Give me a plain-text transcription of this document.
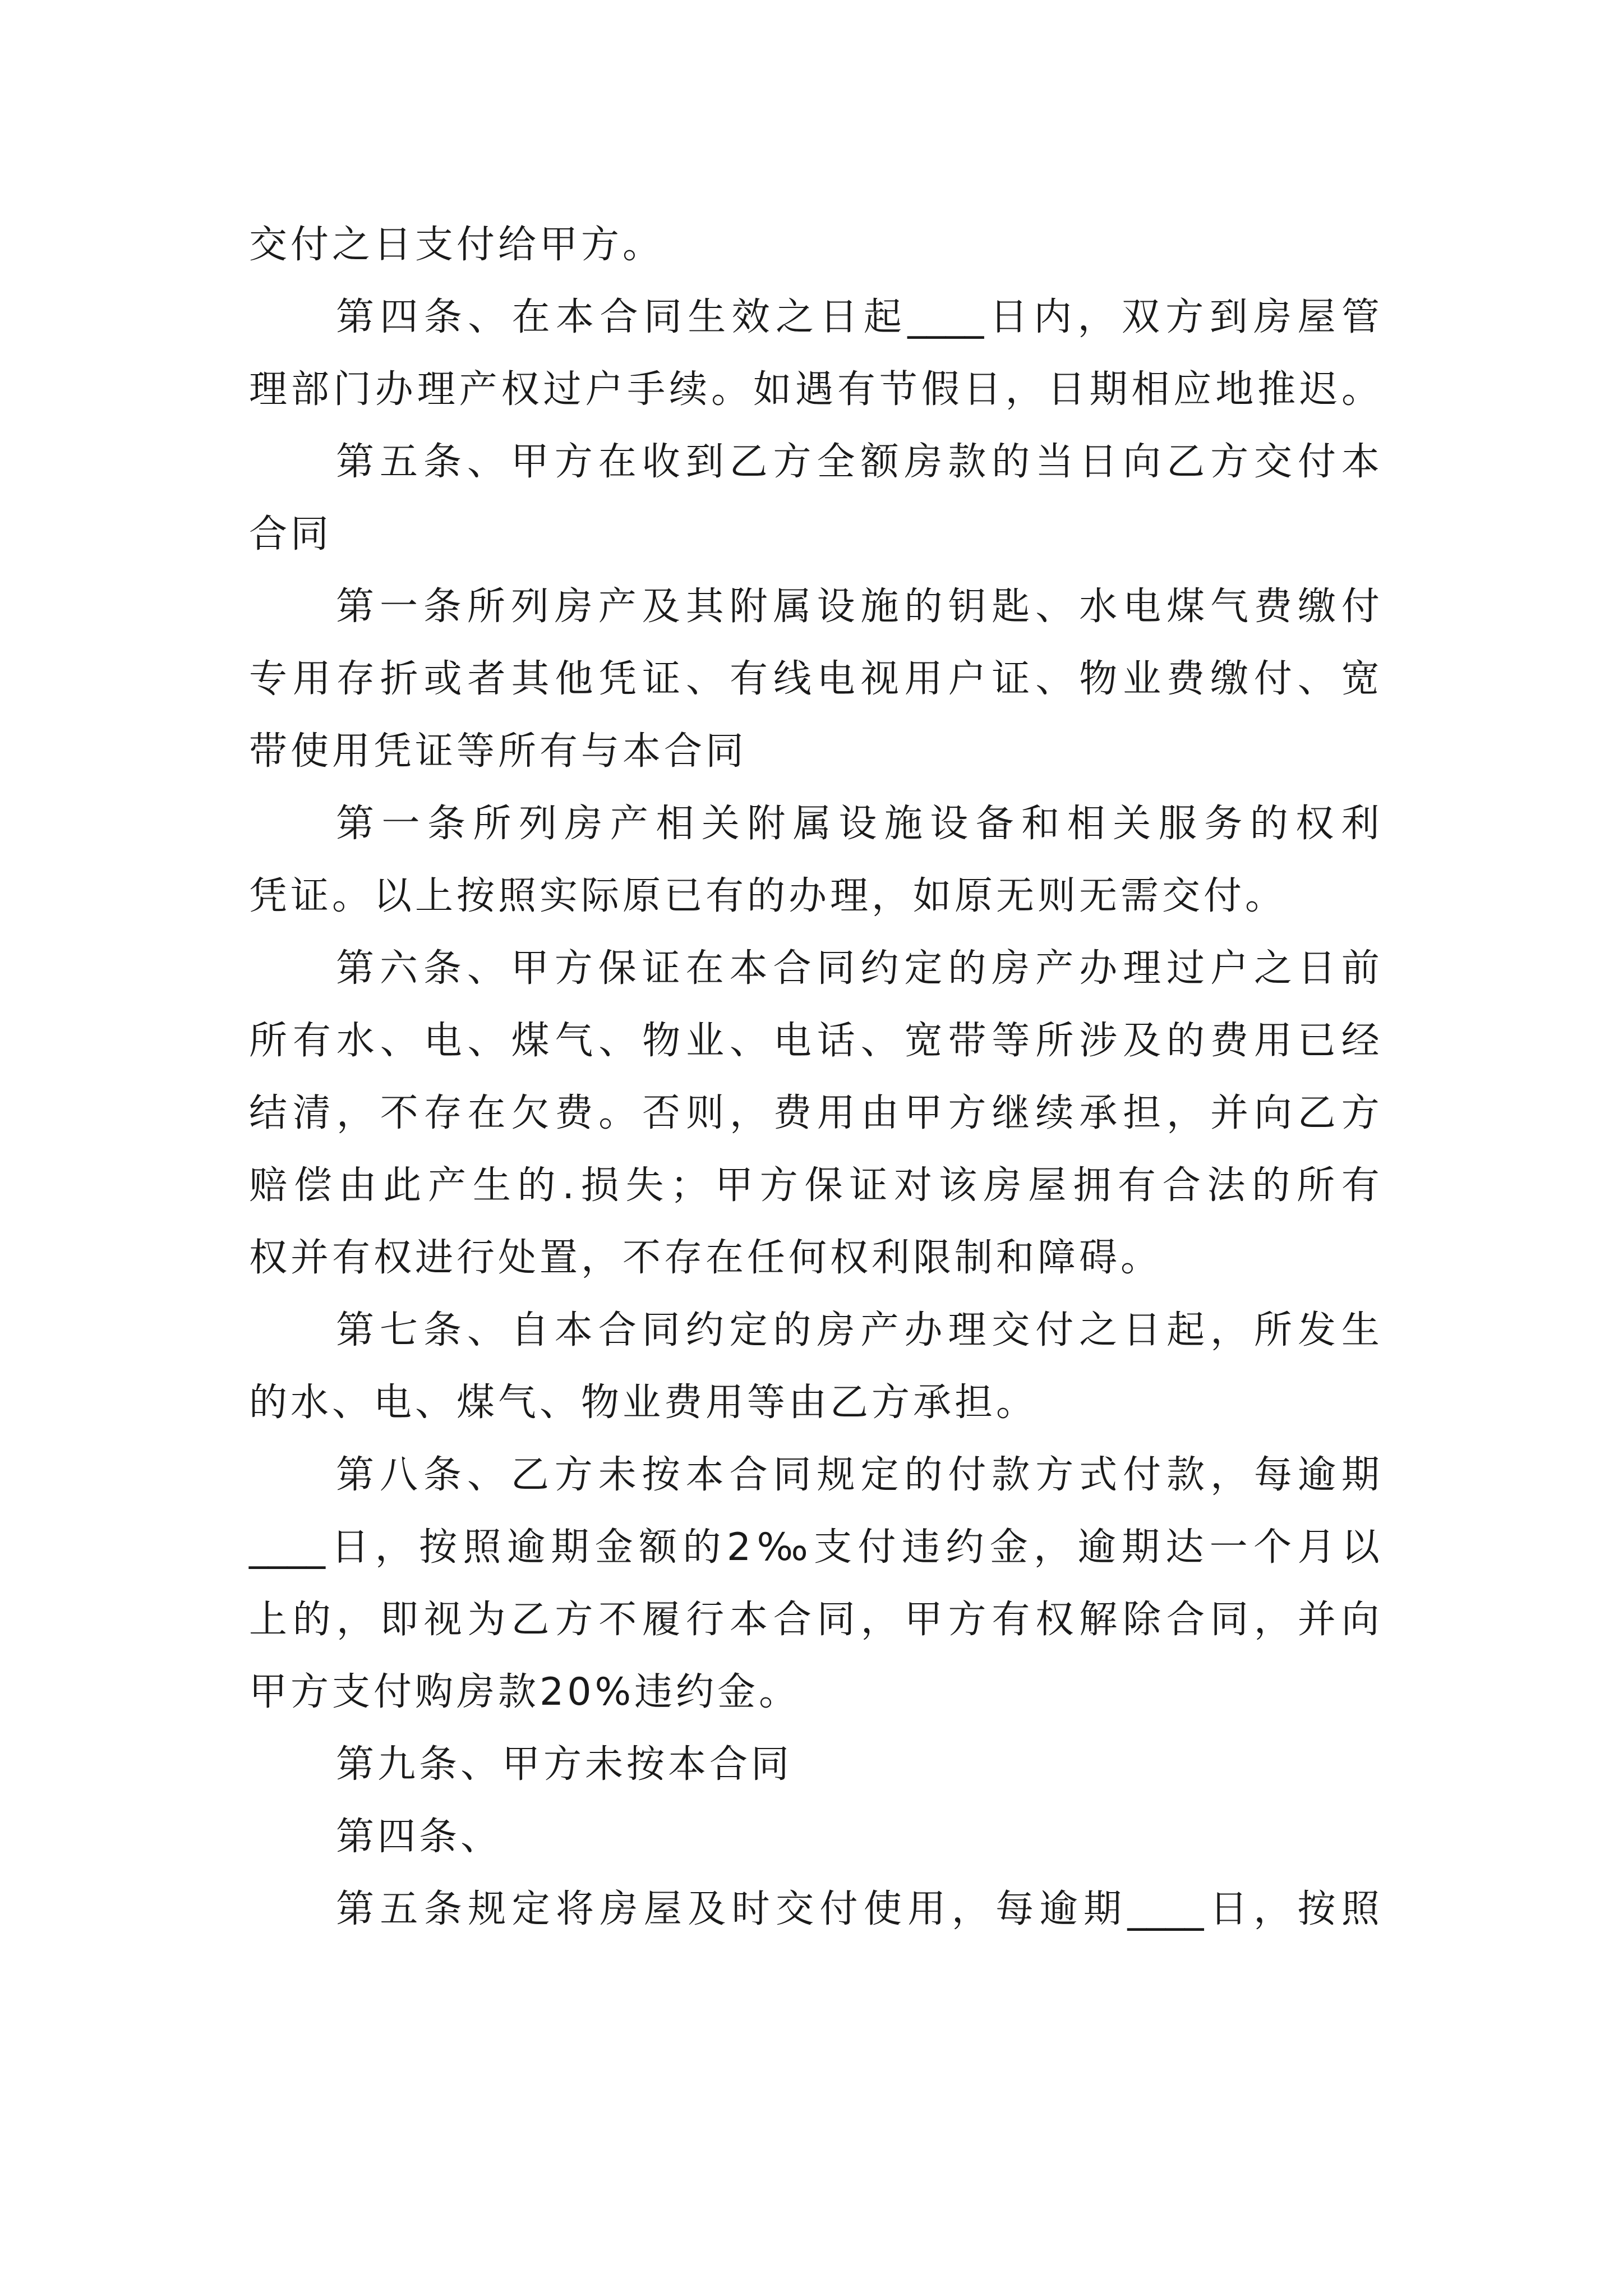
交付之日支付给甲方。
第 四 条 、 在 本 合 同 生 效 之 日 起 ____ 日 内 ， 双 方 到 房 屋 管
理 部 门 办 理 产 权 过 户 手 续 。 如 遇 有 节 假 日 ， 日 期 相 应 地 推 迟 。
第 五 条 、 甲 方 在 收 到 乙 方 全 额 房 款 的 当 日 向 乙 方 交 付 本
合同
第 一 条 所 列 房 产 及 其 附 属 设 施 的 钥 匙 、 水 电 煤 气 费 缴 付
专 用 存 折 或 者 其 他 凭 证 、 有 线 电 视 用 户 证 、 物 业 费 缴 付 、 宽
带使用凭证等所有与本合同
第 一 条 所 列 房 产 相 关 附 属 设 施 设 备 和 相 关 服 务 的 权 利
凭证。以上按照实际原已有的办理，如原无则无需交付。
第 六 条 、 甲 方 保 证 在 本 合 同 约 定 的 房 产 办 理 过 户 之 日 前
所 有 水 、 电 、 煤 气 、 物 业 、 电 话 、 宽 带 等 所 涉 及 的 费 用 已 经
结 清 ， 不 存 在 欠 费 。 否 则 ， 费 用 由 甲 方 继 续 承 担 ， 并 向 乙 方
赔 偿 由 此 产 生 的 . 损 失 ； 甲 方 保 证 对 该 房 屋 拥 有 合 法 的 所 有
权并有权进行处置，不存在任何权利限制和障碍。
第 七 条 、 自 本 合 同 约 定 的 房 产 办 理 交 付 之 日 起 ， 所 发 生
的水、电、煤气、物业费用等由乙方承担。
第 八 条 、 乙 方 未 按 本 合 同 规 定 的 付 款 方 式 付 款 ， 每 逾 期
____ 日 ， 按 照 逾 期 金 额 的 2 ‰ 支 付 违 约 金 ， 逾 期 达 一 个 月 以
上 的 ， 即 视 为 乙 方 不 履 行 本 合 同 ， 甲 方 有 权 解 除 合 同 ， 并 向
甲方支付购房款20%违约金。
第九条、甲方未按本合同
第四条、
第 五 条 规 定 将 房 屋 及 时 交 付 使 用 ， 每 逾 期 ____ 日 ， 按 照
